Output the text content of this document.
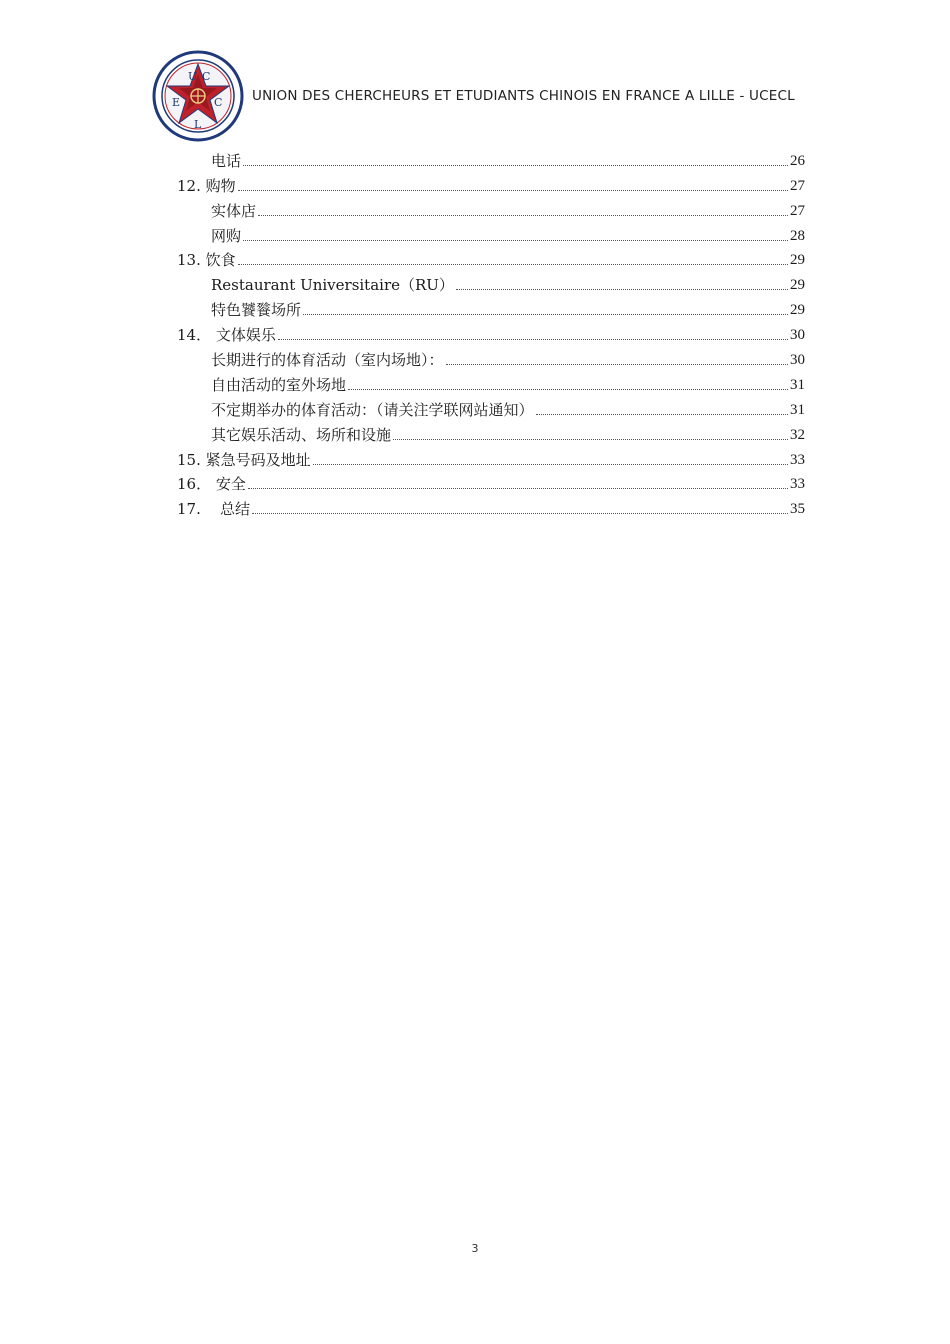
U C
E	C
L
UNION DES CHERCHEURS ET ETUDIANTS CHINOIS EN FRANCE A LILLE - UCECL
电话	26
12. 购物	27
实体店	27
网购	28
13. 饮食	29
Restaurant Universitaire（RU）	29
特色饕餮场所	29
14． 文体娱乐	30
长期进行的体育活动（室内场地）：	30
自由活动的室外场地	31
不定期举办的体育活动：（请关注学联网站通知）	31
其它娱乐活动、场所和设施	32
15. 紧急号码及地址	33
16． 安全	33
17. 总结	35
3
